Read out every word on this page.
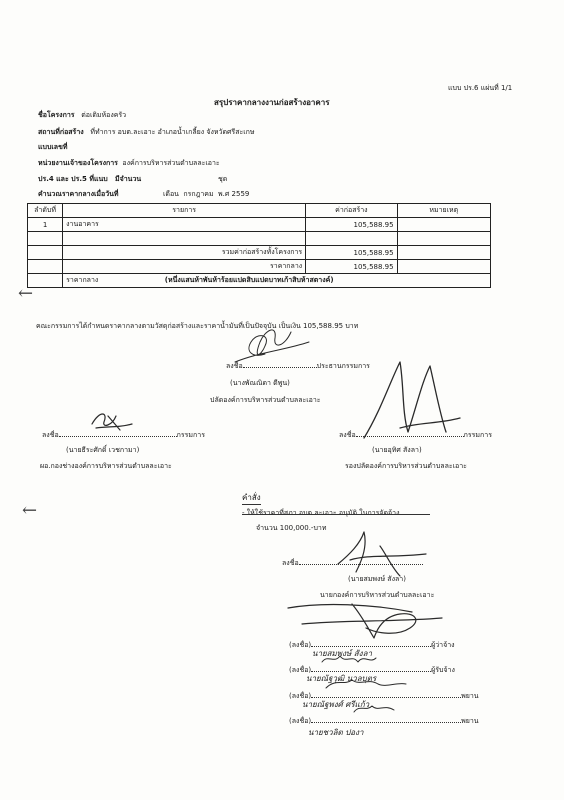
แบบ ปร.6 แผ่นที่ 1/1
สรุปราคากลางงานก่อสร้างอาคาร
ชื่อโครงการ ต่อเติมห้องครัว
สถานที่ก่อสร้าง ที่ทำการ อบต.ละเอาะ อำเภอน้ำเกลี้ยง จังหวัดศรีสะเกษ
แบบเลขที่
หน่วยงานเจ้าของโครงการ องค์การบริหารส่วนตำบลละเอาะ
ปร.4 และ ปร.5 ที่แนบ มีจำนวน	ชุด
คำนวณราคากลางเมื่อวันที่	เดือน กรกฎาคม พ.ศ 2559
ลำดับที่	รายการ	ค่าก่อสร้าง	หมายเหตุ
1	งานอาคาร	105,588.95	

	รวมค่าก่อสร้างทั้งโครงการ	105,588.95	
	ราคากลาง	105,588.95	
	ราคากลาง (หนึ่งแสนห้าพันห้าร้อยแปดสิบแปดบาทเก้าสิบห้าสตางค์)		
←
←
คณะกรรมการได้กำหนดราคากลางตามวัสดุก่อสร้างและราคาน้ำมันที่เป็นปัจจุบัน เป็นเงิน 105,588.95 บาท
ลงชื่อ	ประธานกรรมการ
(นางพัณณิดา ดีพูน)
ปลัดองค์การบริหารส่วนตำบลละเอาะ
ลงชื่อ	กรรมการ
(นายธีระศักดิ์ เวชกามา)
ผอ.กองช่างองค์การบริหารส่วนตำบลละเอาะ
ลงชื่อ	กรรมการ
(นายอุทิศ สังลา)
รองปลัดองค์การบริหารส่วนตำบลละเอาะ
คำสั่ง
- ให้ใช้ราคาที่สภา อบต.ละเอาะ อนุมัติ ในการจัดจ้าง
จำนวน 100,000.-บาท
ลงชื่อ
(นายสมพงษ์ สังลา)
นายกองค์การบริหารส่วนตำบลละเอาะ
(ลงชื่อ)	ผู้ว่าจ้าง
นายสมพงษ์ สังลา
(ลงชื่อ)	ผู้รับจ้าง
นายณัฐวุฒิ นวลบุตร
(ลงชื่อ)	พยาน
นายณัฐพงศ์ ศรีแก้ว
(ลงชื่อ)	พยาน
นายชวลิต ปองา
